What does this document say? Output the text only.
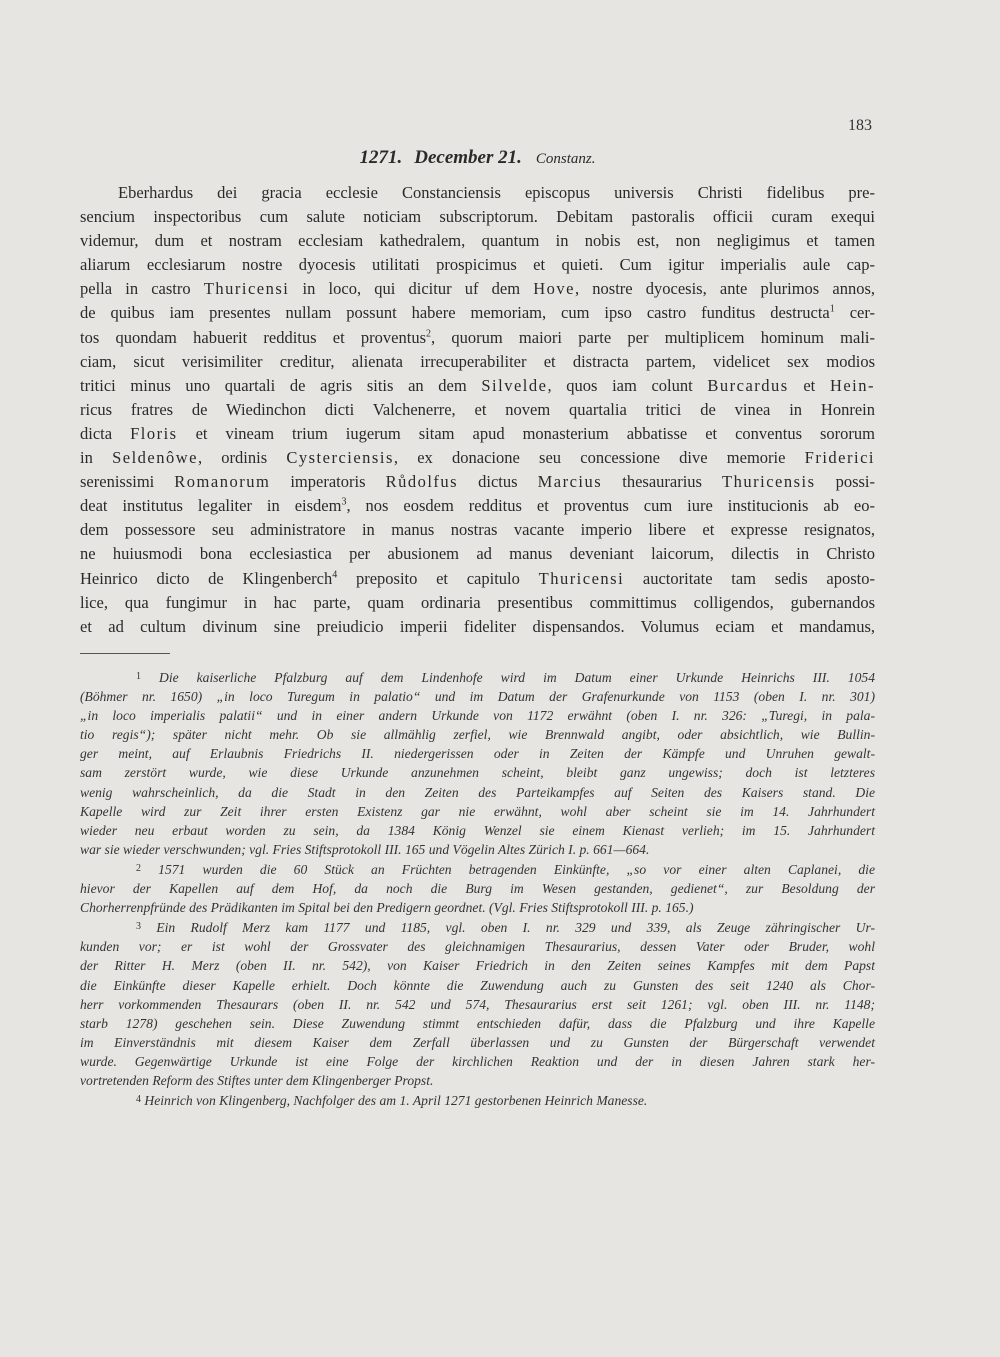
183
1271. December 21. Constanz.
Eberhardus dei gracia ecclesie Constanciensis episcopus universis Christi fidelibus pre-
sencium inspectoribus cum salute noticiam subscriptorum. Debitam pastoralis officii curam exequi
videmur, dum et nostram ecclesiam kathedralem, quantum in nobis est, non negligimus et tamen
aliarum ecclesiarum nostre dyocesis utilitati prospicimus et quieti. Cum igitur imperialis aule cap-
pella in castro Thuricensi in loco, qui dicitur uf dem Hove, nostre dyocesis, ante plurimos annos,
de quibus iam presentes nullam possunt habere memoriam, cum ipso castro funditus destructa$^1$ cer-
tos quondam habuerit redditus et proventus$^2$, quorum maiori parte per multiplicem hominum mali-
ciam, sicut verisimiliter creditur, alienata irrecuperabiliter et distracta partem, videlicet sex modios
tritici minus uno quartali de agris sitis an dem Silvelde, quos iam colunt Burcardus et Hein-
ricus fratres de Wiedinchon dicti Valchenerre, et novem quartalia tritici de vinea in Honrein
dicta Floris et vineam trium iugerum sitam apud monasterium abbatisse et conventus sororum
in Seldenôwe, ordinis Cysterciensis, ex donacione seu concessione dive memorie Friderici
serenissimi Romanorum imperatoris Růdolfus dictus Marcius thesaurarius Thuricensis possi-
deat institutus legaliter in eisdem$^3$, nos eosdem redditus et proventus cum iure institucionis ab eo-
dem possessore seu administratore in manus nostras vacante imperio libere et expresse resignatos,
ne huiusmodi bona ecclesiastica per abusionem ad manus deveniant laicorum, dilectis in Christo
Heinrico dicto de Klingenberch$^4$ preposito et capitulo Thuricensi auctoritate tam sedis aposto-
lice, qua fungimur in hac parte, quam ordinaria presentibus committimus colligendos, gubernandos
et ad cultum divinum sine preiudicio imperii fideliter dispensandos. Volumus eciam et mandamus,
$^1$ Die kaiserliche Pfalzburg auf dem Lindenhofe wird im Datum einer Urkunde Heinrichs III. 1054
(Böhmer nr. 1650) „in loco Turegum in palatio“ und im Datum der Grafenurkunde von 1153 (oben I. nr. 301)
„in loco imperialis palatii“ und in einer andern Urkunde von 1172 erwähnt (oben I. nr. 326: „Turegi, in pala-
tio regis“); später nicht mehr. Ob sie allmählig zerfiel, wie Brennwald angibt, oder absichtlich, wie Bullin-
ger meint, auf Erlaubnis Friedrichs II. niedergerissen oder in Zeiten der Kämpfe und Unruhen gewalt-
sam zerstört wurde, wie diese Urkunde anzunehmen scheint, bleibt ganz ungewiss; doch ist letzteres
wenig wahrscheinlich, da die Stadt in den Zeiten des Parteikampfes auf Seiten des Kaisers stand. Die
Kapelle wird zur Zeit ihrer ersten Existenz gar nie erwähnt, wohl aber scheint sie im 14. Jahrhundert
wieder neu erbaut worden zu sein, da 1384 König Wenzel sie einem Kienast verlieh; im 15. Jahrhundert
war sie wieder verschwunden; vgl. Fries Stiftsprotokoll III. 165 und Vögelin Altes Zürich I. p. 661—664.
$^2$ 1571 wurden die 60 Stück an Früchten betragenden Einkünfte, „so vor einer alten Caplanei, die
hievor der Kapellen auf dem Hof, da noch die Burg im Wesen gestanden, gedienet“, zur Besoldung der
Chorherrenpfründe des Prädikanten im Spital bei den Predigern geordnet. (Vgl. Fries Stiftsprotokoll III. p. 165.)
$^3$ Ein Rudolf Merz kam 1177 und 1185, vgl. oben I. nr. 329 und 339, als Zeuge zähringischer Ur-
kunden vor; er ist wohl der Grossvater des gleichnamigen Thesaurarius, dessen Vater oder Bruder, wohl
der Ritter H. Merz (oben II. nr. 542), von Kaiser Friedrich in den Zeiten seines Kampfes mit dem Papst
die Einkünfte dieser Kapelle erhielt. Doch könnte die Zuwendung auch zu Gunsten des seit 1240 als Chor-
herr vorkommenden Thesaurars (oben II. nr. 542 und 574, Thesaurarius erst seit 1261; vgl. oben III. nr. 1148;
starb 1278) geschehen sein. Diese Zuwendung stimmt entschieden dafür, dass die Pfalzburg und ihre Kapelle
im Einverständnis mit diesem Kaiser dem Zerfall überlassen und zu Gunsten der Bürgerschaft verwendet
wurde. Gegenwärtige Urkunde ist eine Folge der kirchlichen Reaktion und der in diesen Jahren stark her-
vortretenden Reform des Stiftes unter dem Klingenberger Propst.
$^4$ Heinrich von Klingenberg, Nachfolger des am 1. April 1271 gestorbenen Heinrich Manesse.
